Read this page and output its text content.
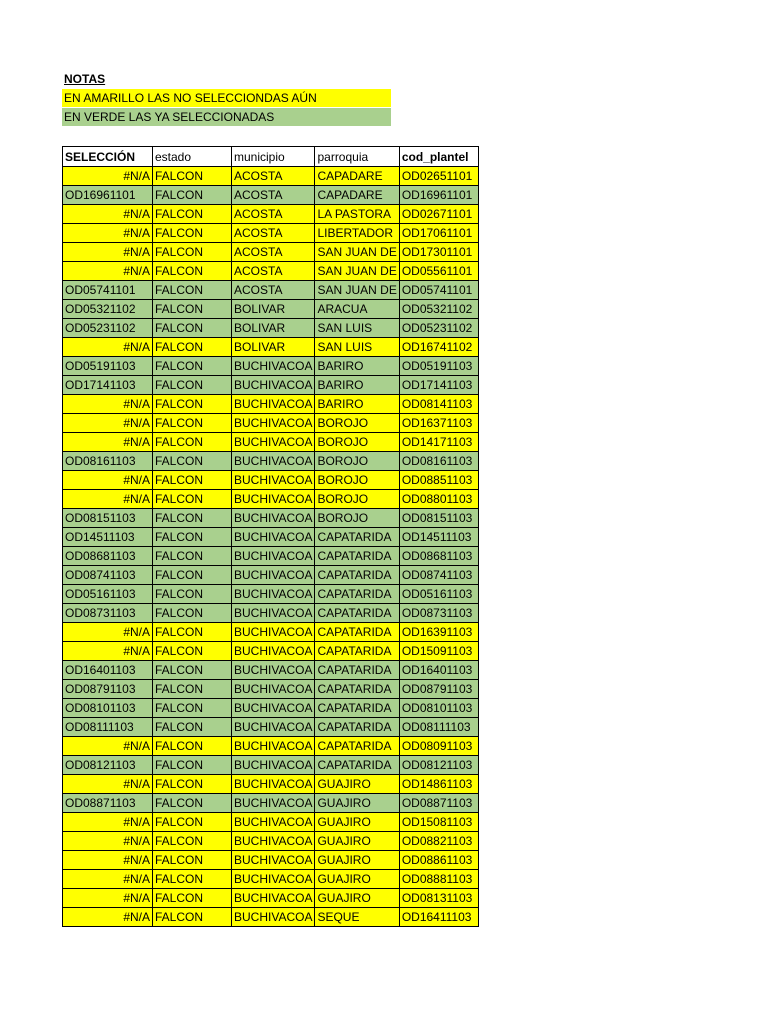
NOTAS
EN AMARILLO LAS NO SELECCIONDAS AÚN
EN VERDE LAS YA SELECCIONADAS
SELECCIÓN	estado	municipio	parroquia	cod_plantel
#N/A	FALCON	ACOSTA	CAPADARE	OD02651101
OD16961101	FALCON	ACOSTA	CAPADARE	OD16961101
#N/A	FALCON	ACOSTA	LA PASTORA	OD02671101
#N/A	FALCON	ACOSTA	LIBERTADOR	OD17061101
#N/A	FALCON	ACOSTA	SAN JUAN DE	OD17301101
#N/A	FALCON	ACOSTA	SAN JUAN DE	OD05561101
OD05741101	FALCON	ACOSTA	SAN JUAN DE	OD05741101
OD05321102	FALCON	BOLIVAR	ARACUA	OD05321102
OD05231102	FALCON	BOLIVAR	SAN LUIS	OD05231102
#N/A	FALCON	BOLIVAR	SAN LUIS	OD16741102
OD05191103	FALCON	BUCHIVACOA	BARIRO	OD05191103
OD17141103	FALCON	BUCHIVACOA	BARIRO	OD17141103
#N/A	FALCON	BUCHIVACOA	BARIRO	OD08141103
#N/A	FALCON	BUCHIVACOA	BOROJO	OD16371103
#N/A	FALCON	BUCHIVACOA	BOROJO	OD14171103
OD08161103	FALCON	BUCHIVACOA	BOROJO	OD08161103
#N/A	FALCON	BUCHIVACOA	BOROJO	OD08851103
#N/A	FALCON	BUCHIVACOA	BOROJO	OD08801103
OD08151103	FALCON	BUCHIVACOA	BOROJO	OD08151103
OD14511103	FALCON	BUCHIVACOA	CAPATARIDA	OD14511103
OD08681103	FALCON	BUCHIVACOA	CAPATARIDA	OD08681103
OD08741103	FALCON	BUCHIVACOA	CAPATARIDA	OD08741103
OD05161103	FALCON	BUCHIVACOA	CAPATARIDA	OD05161103
OD08731103	FALCON	BUCHIVACOA	CAPATARIDA	OD08731103
#N/A	FALCON	BUCHIVACOA	CAPATARIDA	OD16391103
#N/A	FALCON	BUCHIVACOA	CAPATARIDA	OD15091103
OD16401103	FALCON	BUCHIVACOA	CAPATARIDA	OD16401103
OD08791103	FALCON	BUCHIVACOA	CAPATARIDA	OD08791103
OD08101103	FALCON	BUCHIVACOA	CAPATARIDA	OD08101103
OD08111103	FALCON	BUCHIVACOA	CAPATARIDA	OD08111103
#N/A	FALCON	BUCHIVACOA	CAPATARIDA	OD08091103
OD08121103	FALCON	BUCHIVACOA	CAPATARIDA	OD08121103
#N/A	FALCON	BUCHIVACOA	GUAJIRO	OD14861103
OD08871103	FALCON	BUCHIVACOA	GUAJIRO	OD08871103
#N/A	FALCON	BUCHIVACOA	GUAJIRO	OD15081103
#N/A	FALCON	BUCHIVACOA	GUAJIRO	OD08821103
#N/A	FALCON	BUCHIVACOA	GUAJIRO	OD08861103
#N/A	FALCON	BUCHIVACOA	GUAJIRO	OD08881103
#N/A	FALCON	BUCHIVACOA	GUAJIRO	OD08131103
#N/A	FALCON	BUCHIVACOA	SEQUE	OD16411103
